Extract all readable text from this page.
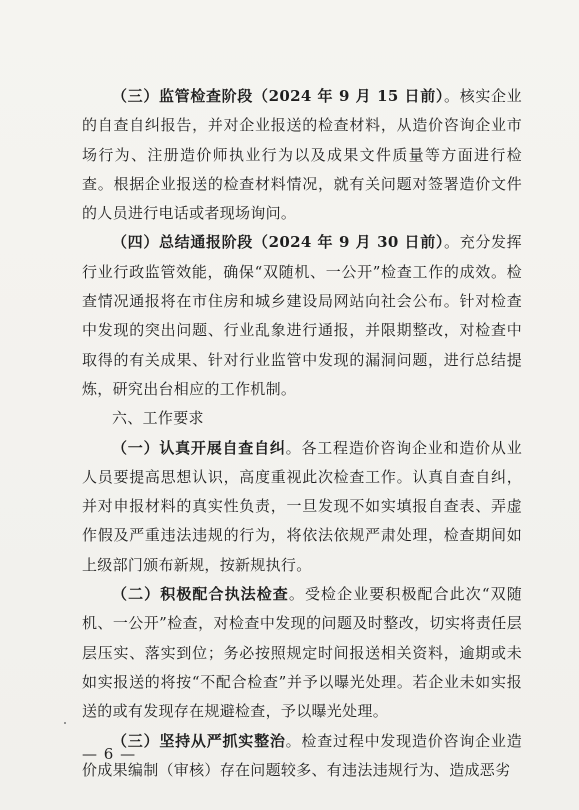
（三）监管检查阶段（2024 年 9 月 15 日前）。核实企业的自查自纠报告，并对企业报送的检查材料，从造价咨询企业市场行为、注册造价师执业行为以及成果文件质量等方面进行检查。根据企业报送的检查材料情况，就有关问题对签署造价文件的人员进行电话或者现场询问。

（四）总结通报阶段（2024 年 9 月 30 日前）。充分发挥行业行政监管效能，确保“双随机、一公开”检查工作的成效。检查情况通报将在市住房和城乡建设局网站向社会公布。针对检查中发现的突出问题、行业乱象进行通报，并限期整改，对检查中取得的有关成果、针对行业监管中发现的漏洞问题，进行总结提炼，研究出台相应的工作机制。

六、工作要求

（一）认真开展自查自纠。各工程造价咨询企业和造价从业人员要提高思想认识，高度重视此次检查工作。认真自查自纠，并对申报材料的真实性负责，一旦发现不如实填报自查表、弄虚作假及严重违法违规的行为，将依法依规严肃处理，检查期间如上级部门颁布新规，按新规执行。

（二）积极配合执法检查。受检企业要积极配合此次“双随机、一公开”检查，对检查中发现的问题及时整改，切实将责任层层压实、落实到位；务必按照规定时间报送相关资料，逾期或未如实报送的将按“不配合检查”并予以曝光处理。若企业未如实报送的或有发现存在规避检查，予以曝光处理。

（三）坚持从严抓实整治。检查过程中发现造价咨询企业造价成果编制（审核）存在问题较多、有违法违规行为、造成恶劣

— 6 —
